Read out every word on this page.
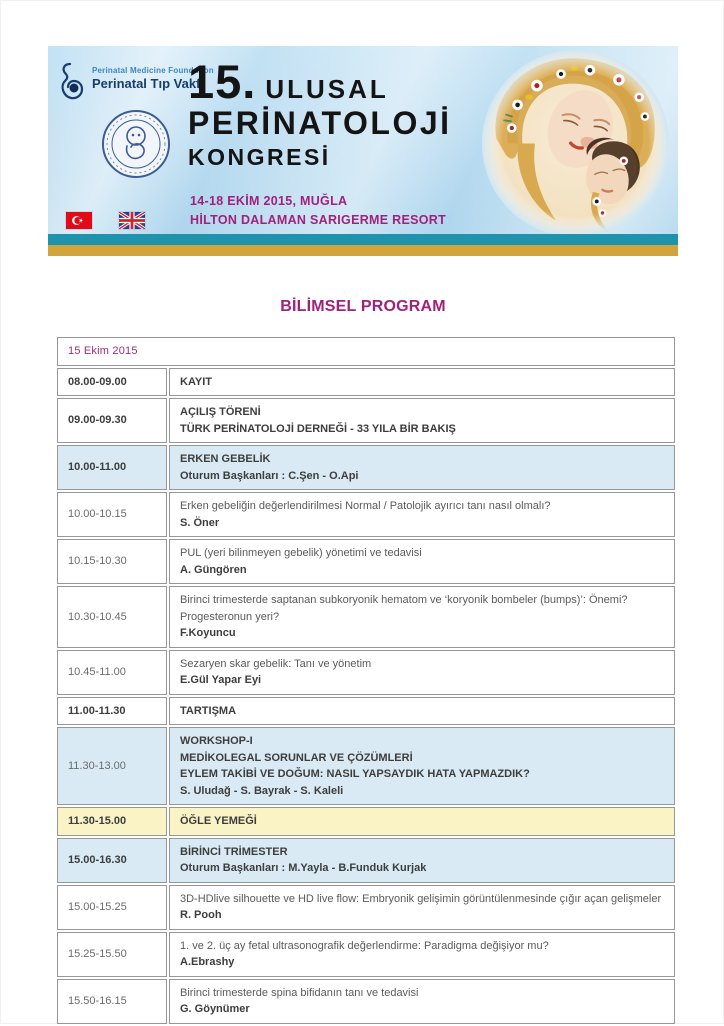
Perinatal Medicine Foundation
Perinatal Tıp Vakfı
15. ULUSAL
PERİNATOLOJİ
KONGRESİ
14-18 EKİM 2015, MUĞLA
HİLTON DALAMAN SARIGERME RESORT
BİLİMSEL PROGRAM
15 Ekim 2015	
08.00-09.00	KAYIT

09.00-09.30	AÇILIŞ TÖRENİ
TÜRK PERİNATOLOJİ DERNEĞİ - 33 YILA BİR BAKIŞ

10.00-11.00	ERKEN GEBELİK
Oturum Başkanları : C.Şen - O.Api

10.00-10.15	Erken gebeliğin değerlendirilmesi Normal / Patolojik ayırıcı tanı nasıl olmalı?
S. Öner

10.15-10.30	PUL (yeri bilinmeyen gebelik) yönetimi ve tedavisi
A. Güngören

10.30-10.45	Birinci trimesterde saptanan subkoryonik hematom ve ‘koryonik bombeler (bumps)’: Önemi?
Progesteronun yeri?
F.Koyuncu

10.45-11.00	Sezaryen skar gebelik: Tanı ve yönetim
E.Gül Yapar Eyi

11.00-11.30	TARTIŞMA

11.30-13.00	WORKSHOP-I
MEDİKOLEGAL SORUNLAR VE ÇÖZÜMLERİ
EYLEM TAKİBİ VE DOĞUM: NASIL YAPSAYDIK HATA YAPMAZDIK?
S. Uludağ - S. Bayrak - S. Kaleli

11.30-15.00	ÖĞLE YEMEĞİ

15.00-16.30	BİRİNCİ TRİMESTER
Oturum Başkanları : M.Yayla - B.Funduk Kurjak

15.00-15.25	3D-HDlive silhouette ve HD live flow: Embryonik gelişimin görüntülenmesinde çığır açan gelişmeler
R. Pooh

15.25-15.50	1. ve 2. üç ay fetal ultrasonografik değerlendirme: Paradigma değişiyor mu?
A.Ebrashy

15.50-16.15	Birinci trimesterde spina bifidanın tanı ve tedavisi
G. Göynümer
